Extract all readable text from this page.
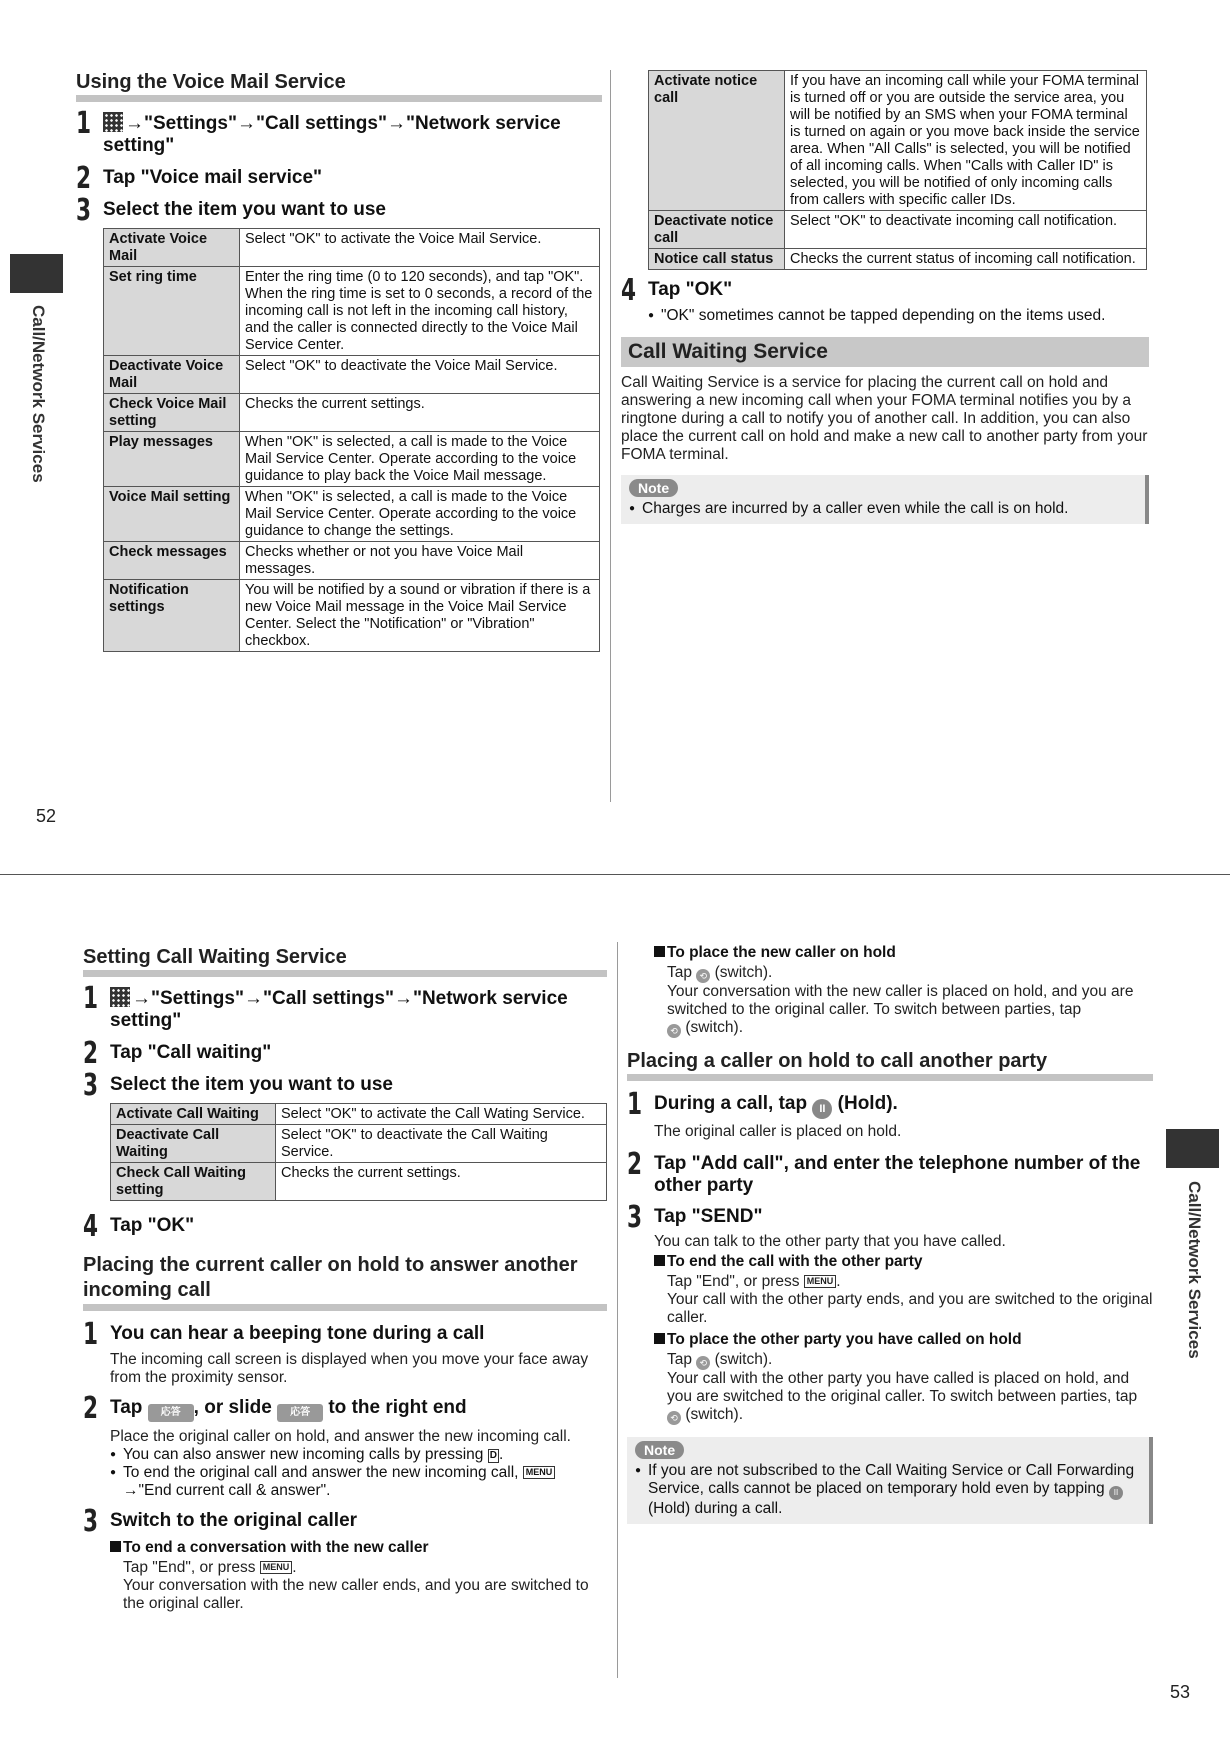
Call/Network Services
Using the Voice Mail Service
1	→"Settings"→"Call settings"→"Network service setting"
2 Tap "Voice mail service"
3 Select the item you want to use
Activate Voice Mail	Select "OK" to activate the Voice Mail Service.
Set ring time	Enter the ring time (0 to 120 seconds), and tap "OK". When the ring time is set to 0 seconds, a record of the incoming call is not left in the incoming call history, and the caller is connected directly to the Voice Mail Service Center.
Deactivate Voice Mail	Select "OK" to deactivate the Voice Mail Service.
Check Voice Mail setting	Checks the current settings.
Play messages	When "OK" is selected, a call is made to the Voice Mail Service Center. Operate according to the voice guidance to play back the Voice Mail message.
Voice Mail setting	When "OK" is selected, a call is made to the Voice Mail Service Center. Operate according to the voice guidance to change the settings.
Check messages	Checks whether or not you have Voice Mail messages.
Notification settings	You will be notified by a sound or vibration if there is a new Voice Mail message in the Voice Mail Service Center. Select the "Notification" or "Vibration" checkbox.
52
Activate notice call	If you have an incoming call while your FOMA terminal is turned off or you are outside the service area, you will be notified by an SMS when your FOMA terminal is turned on again or you move back inside the service area. When "All Calls" is selected, you will be notified of all incoming calls. When "Calls with Caller ID" is selected, you will be notified of only incoming calls from callers with specific caller IDs.
Deactivate notice call	Select "OK" to deactivate incoming call notification.
Notice call status	Checks the current status of incoming call notification.
4 Tap "OK"
● "OK" sometimes cannot be tapped depending on the items used.
Call Waiting Service
Call Waiting Service is a service for placing the current call on hold and answering a new incoming call when your FOMA terminal notifies you by a ringtone during a call to notify you of another call. In addition, you can also place the current call on hold and make a new call to another party from your FOMA terminal.
Note
● Charges are incurred by a caller even while the call is on hold.
Call/Network Services
Setting Call Waiting Service
1	→"Settings"→"Call settings"→"Network service setting"
2 Tap "Call waiting"
3 Select the item you want to use
Activate Call Waiting	Select "OK" to activate the Call Wating Service.
Deactivate Call Waiting	Select "OK" to deactivate the Call Waiting Service.
Check Call Waiting setting	Checks the current settings.
4 Tap "OK"
Placing the current caller on hold to answer another incoming call
1 You can hear a beeping tone during a call
The incoming call screen is displayed when you move your face away from the proximity sensor.
2 Tap 応答 , or slide 応答 to the right end
Place the original caller on hold, and answer the new incoming call.
● You can also answer new incoming calls by pressing D .
● To end the original call and answer the new incoming call, MENU
→"End current call & answer".
3 Switch to the original caller
To end a conversation with the new caller
Tap "End", or press MENU .
Your conversation with the new caller ends, and you are switched to the original caller.
To place the new caller on hold
Tap ⟲ (switch).
Your conversation with the new caller is placed on hold, and you are switched to the original caller. To switch between parties, tap
⟲ (switch).
Placing a caller on hold to call another party
1 During a call, tap II (Hold).
The original caller is placed on hold.
2 Tap "Add call", and enter the telephone number of the other party
3 Tap "SEND"
You can talk to the other party that you have called.
To end the call with the other party
Tap "End", or press MENU .
Your call with the other party ends, and you are switched to the original caller.
To place the other party you have called on hold
Tap ⟲ (switch).
Your call with the other party you have called is placed on hold, and you are switched to the original caller. To switch between parties, tap ⟲ (switch).
Note
● If you are not subscribed to the Call Waiting Service or Call Forwarding Service, calls cannot be placed on temporary hold even by tapping II (Hold) during a call.
53
